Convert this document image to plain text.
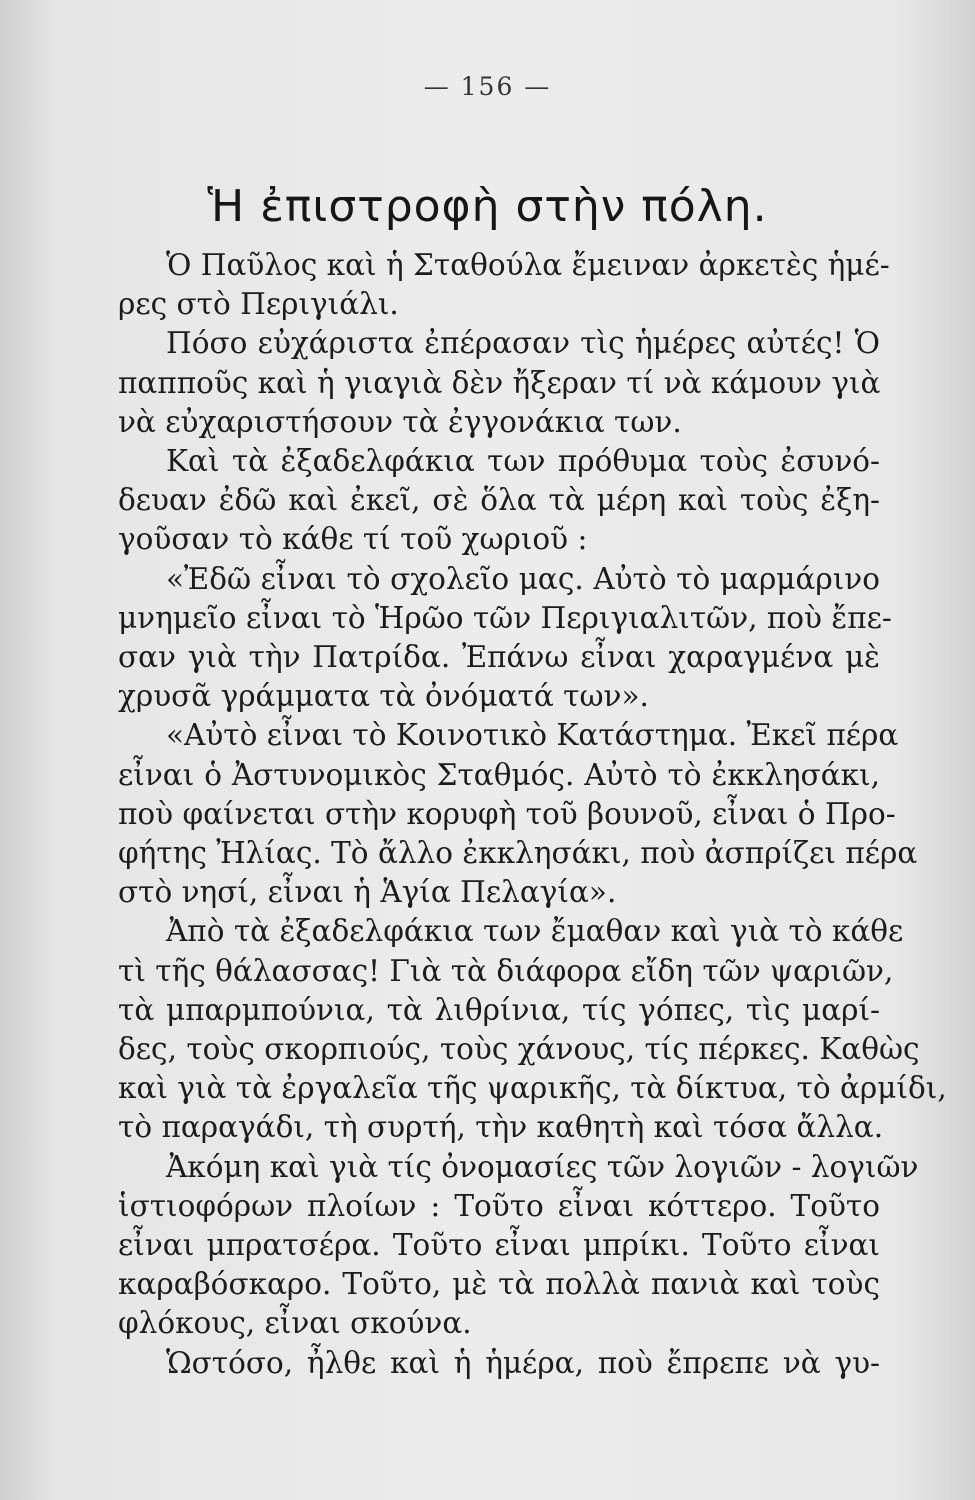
— 156 —
Ἡ ἐπιστροφὴ στὴν πόλη.
Ὁ Παῦλος καὶ ἡ Σταθούλα ἔμειναν ἀρκετὲς ἡμέ-
ρες στὸ Περιγιάλι.
Πόσο εὐχάριστα ἐπέρασαν τὶς ἡμέρες αὐτές! Ὁ
παπποῦς καὶ ἡ γιαγιὰ δὲν ἤξεραν τί νὰ κάμουν γιὰ
νὰ εὐχαριστήσουν τὰ ἐγγονάκια των.
Καὶ τὰ ἐξαδελφάκια των πρόθυμα τοὺς ἐσυνό-
δευαν ἐδῶ καὶ ἐκεῖ, σὲ ὅλα τὰ μέρη καὶ τοὺς ἐξη-
γοῦσαν τὸ κάθε τί τοῦ χωριοῦ :
«Ἐδῶ εἶναι τὸ σχολεῖο μας. Αὐτὸ τὸ μαρμάρινο
μνημεῖο εἶναι τὸ Ἡρῶο τῶν Περιγιαλιτῶν, ποὺ ἔπε-
σαν γιὰ τὴν Πατρίδα. Ἐπάνω εἶναι χαραγμένα μὲ
χρυσᾶ γράμματα τὰ ὀνόματά των».
«Αὐτὸ εἶναι τὸ Κοινοτικὸ Κατάστημα. Ἐκεῖ πέρα
εἶναι ὁ Ἀστυνομικὸς Σταθμός. Αὐτὸ τὸ ἐκκλησάκι,
ποὺ φαίνεται στὴν κορυφὴ τοῦ βουνοῦ, εἶναι ὁ Προ-
φήτης Ἠλίας. Τὸ ἄλλο ἐκκλησάκι, ποὺ ἀσπρίζει πέρα
στὸ νησί, εἶναι ἡ Ἁγία Πελαγία».
Ἀπὸ τὰ ἐξαδελφάκια των ἔμαθαν καὶ γιὰ τὸ κάθε
τὶ τῆς θάλασσας! Γιὰ τὰ διάφορα εἴδη τῶν ψαριῶν,
τὰ μπαρμπούνια, τὰ λιθρίνια, τίς γόπες, τὶς μαρί-
δες, τοὺς σκορπιούς, τοὺς χάνους, τίς πέρκες. Καθὼς
καὶ γιὰ τὰ ἐργαλεῖα τῆς ψαρικῆς, τὰ δίκτυα, τὸ ἀρμίδι,
τὸ παραγάδι, τὴ συρτή, τὴν καθητὴ καὶ τόσα ἄλλα.
Ἀκόμη καὶ γιὰ τίς ὀνομασίες τῶν λογιῶν - λογιῶν
ἱστιοφόρων πλοίων : Τοῦτο εἶναι κόττερο. Τοῦτο
εἶναι μπρατσέρα. Τοῦτο εἶναι μπρίκι. Τοῦτο εἶναι
καραβόσκαρο. Τοῦτο, μὲ τὰ πολλὰ πανιὰ καὶ τοὺς
φλόκους, εἶναι σκούνα.
Ὡστόσο, ἦλθε καὶ ἡ ἡμέρα, ποὺ ἔπρεπε νὰ γυ-
